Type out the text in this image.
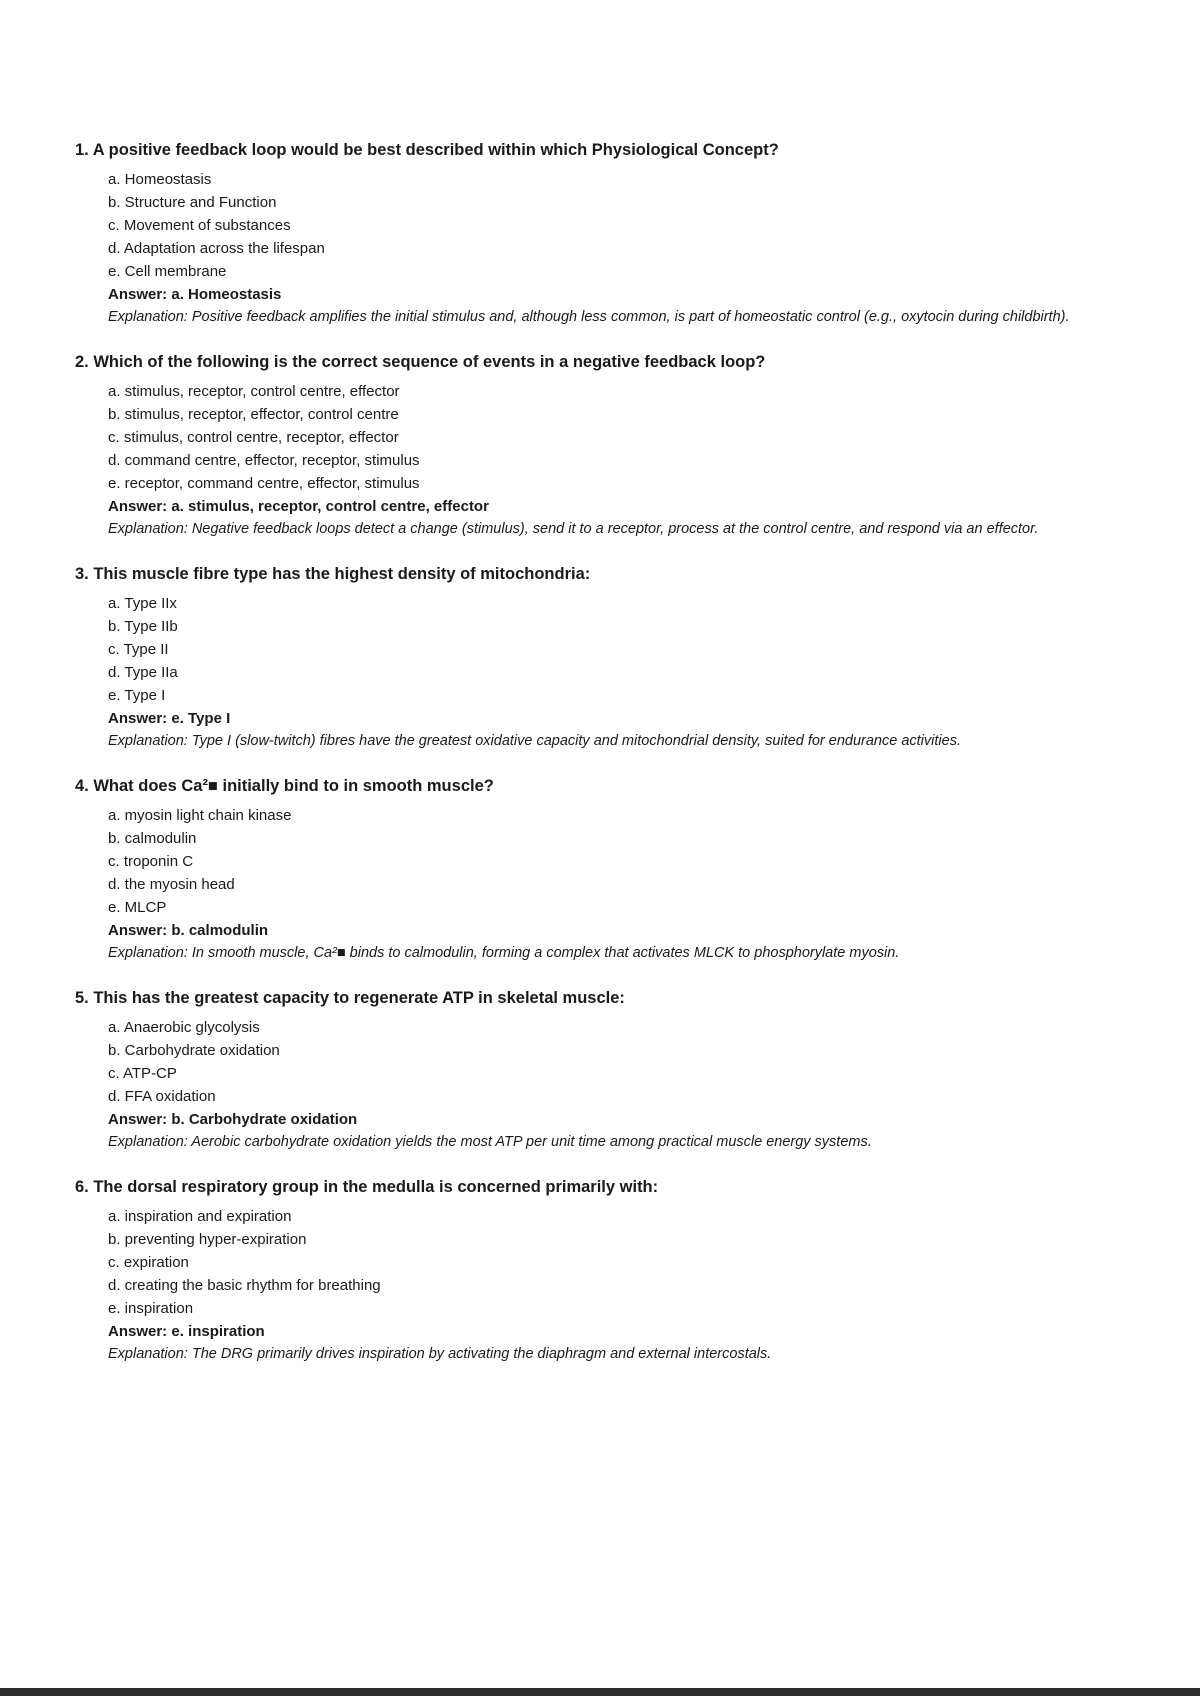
1. A positive feedback loop would be best described within which Physiological Concept?
a. Homeostasis
b. Structure and Function
c. Movement of substances
d. Adaptation across the lifespan
e. Cell membrane
Answer: a. Homeostasis
Explanation: Positive feedback amplifies the initial stimulus and, although less common, is part of homeostatic control (e.g., oxytocin during childbirth).
2. Which of the following is the correct sequence of events in a negative feedback loop?
a. stimulus, receptor, control centre, effector
b. stimulus, receptor, effector, control centre
c. stimulus, control centre, receptor, effector
d. command centre, effector, receptor, stimulus
e. receptor, command centre, effector, stimulus
Answer: a. stimulus, receptor, control centre, effector
Explanation: Negative feedback loops detect a change (stimulus), send it to a receptor, process at the control centre, and respond via an effector.
3. This muscle fibre type has the highest density of mitochondria:
a. Type IIx
b. Type IIb
c. Type II
d. Type IIa
e. Type I
Answer: e. Type I
Explanation: Type I (slow-twitch) fibres have the greatest oxidative capacity and mitochondrial density, suited for endurance activities.
4. What does Ca²■ initially bind to in smooth muscle?
a. myosin light chain kinase
b. calmodulin
c. troponin C
d. the myosin head
e. MLCP
Answer: b. calmodulin
Explanation: In smooth muscle, Ca²■ binds to calmodulin, forming a complex that activates MLCK to phosphorylate myosin.
5. This has the greatest capacity to regenerate ATP in skeletal muscle:
a. Anaerobic glycolysis
b. Carbohydrate oxidation
c. ATP-CP
d. FFA oxidation
Answer: b. Carbohydrate oxidation
Explanation: Aerobic carbohydrate oxidation yields the most ATP per unit time among practical muscle energy systems.
6. The dorsal respiratory group in the medulla is concerned primarily with:
a. inspiration and expiration
b. preventing hyper-expiration
c. expiration
d. creating the basic rhythm for breathing
e. inspiration
Answer: e. inspiration
Explanation: The DRG primarily drives inspiration by activating the diaphragm and external intercostals.
